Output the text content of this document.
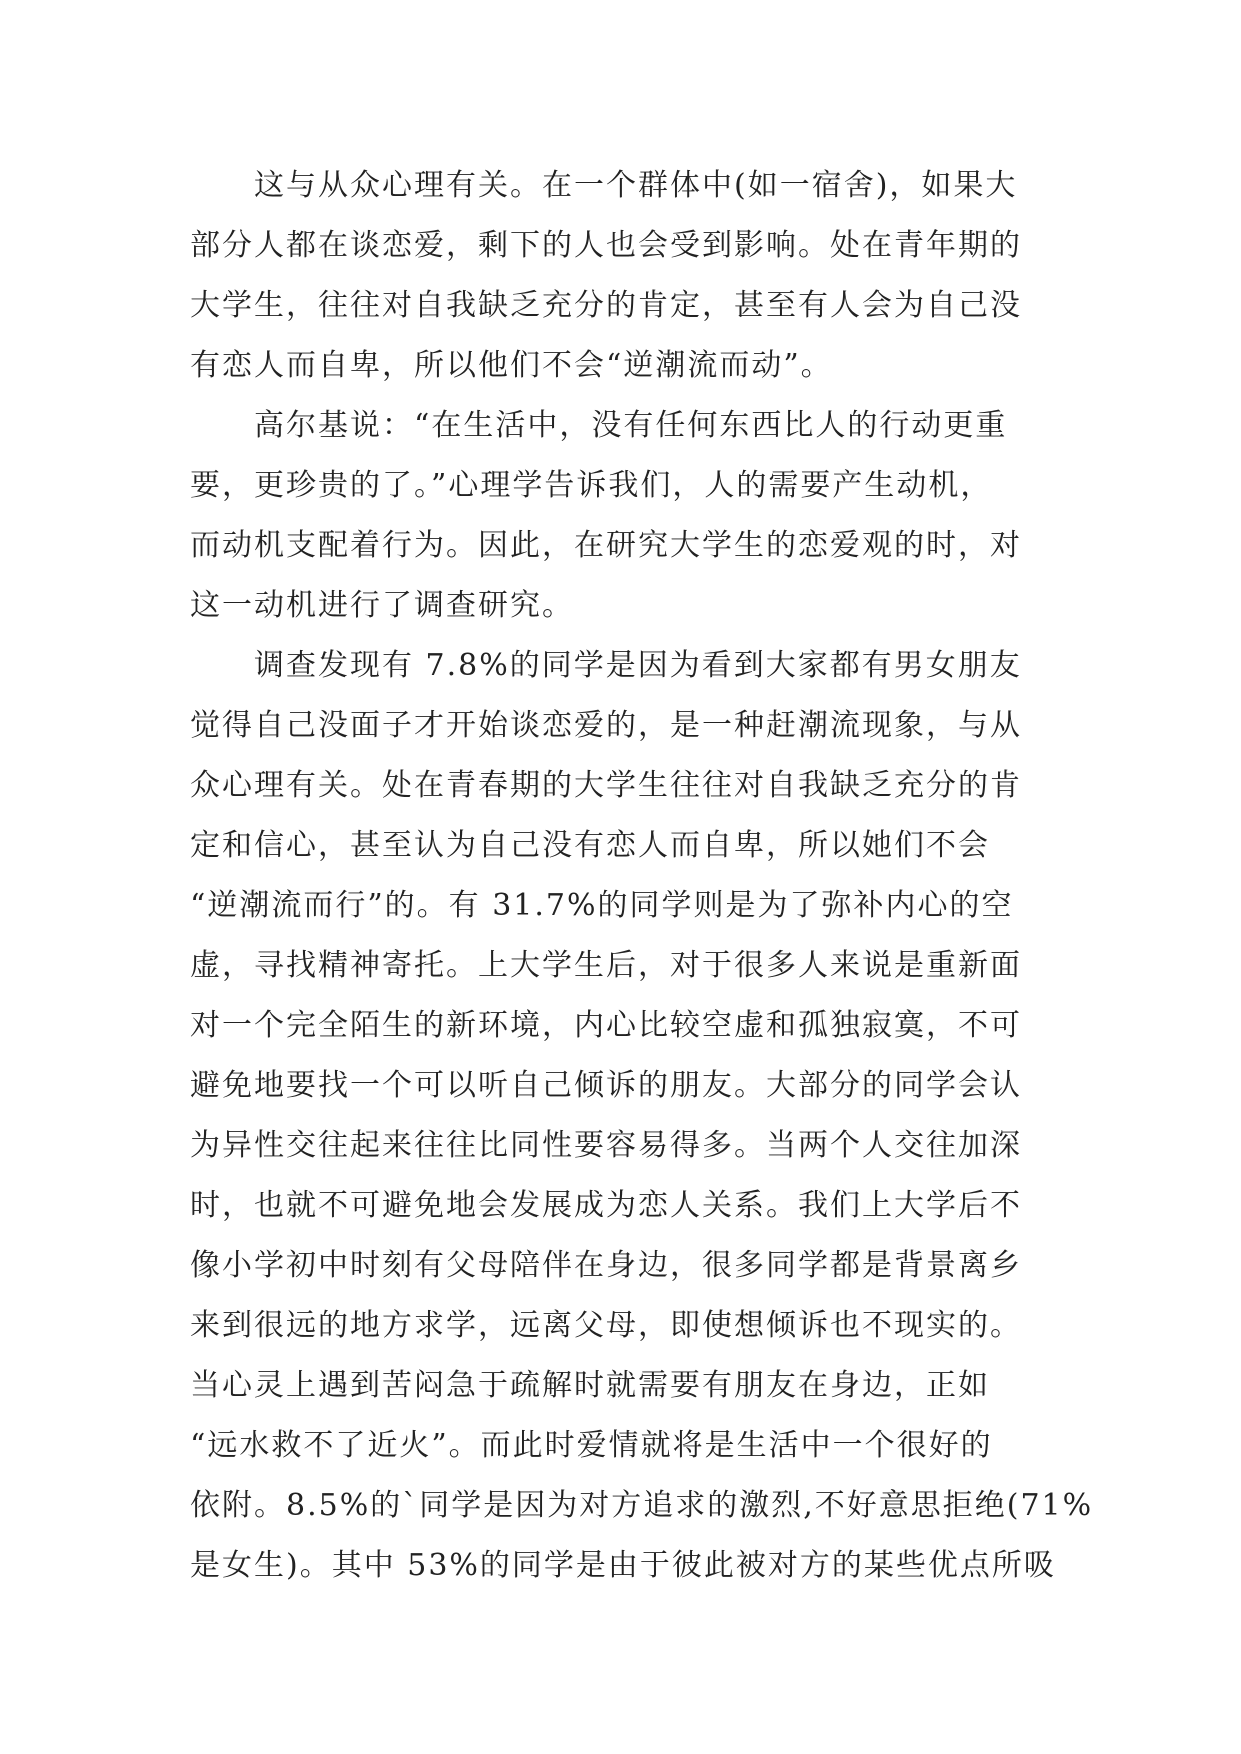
这与从众心理有关。在一个群体中(如一宿舍)，如果大
部分人都在谈恋爱，剩下的人也会受到影响。处在青年期的
大学生，往往对自我缺乏充分的肯定，甚至有人会为自己没
有恋人而自卑，所以他们不会“逆潮流而动”。
高尔基说：“在生活中，没有任何东西比人的行动更重
要，更珍贵的了。”心理学告诉我们，人的需要产生动机，
而动机支配着行为。因此，在研究大学生的恋爱观的时，对
这一动机进行了调查研究。
调查发现有 7.8%的同学是因为看到大家都有男女朋友
觉得自己没面子才开始谈恋爱的，是一种赶潮流现象，与从
众心理有关。处在青春期的大学生往往对自我缺乏充分的肯
定和信心，甚至认为自己没有恋人而自卑，所以她们不会
“逆潮流而行”的。有 31.7%的同学则是为了弥补内心的空
虚，寻找精神寄托。上大学生后，对于很多人来说是重新面
对一个完全陌生的新环境，内心比较空虚和孤独寂寞，不可
避免地要找一个可以听自己倾诉的朋友。大部分的同学会认
为异性交往起来往往比同性要容易得多。当两个人交往加深
时，也就不可避免地会发展成为恋人关系。我们上大学后不
像小学初中时刻有父母陪伴在身边，很多同学都是背景离乡
来到很远的地方求学，远离父母，即使想倾诉也不现实的。
当心灵上遇到苦闷急于疏解时就需要有朋友在身边，正如
“远水救不了近火”。而此时爱情就将是生活中一个很好的
依附。8.5%的`同学是因为对方追求的激烈,不好意思拒绝(71%
是女生)。其中 53%的同学是由于彼此被对方的某些优点所吸
